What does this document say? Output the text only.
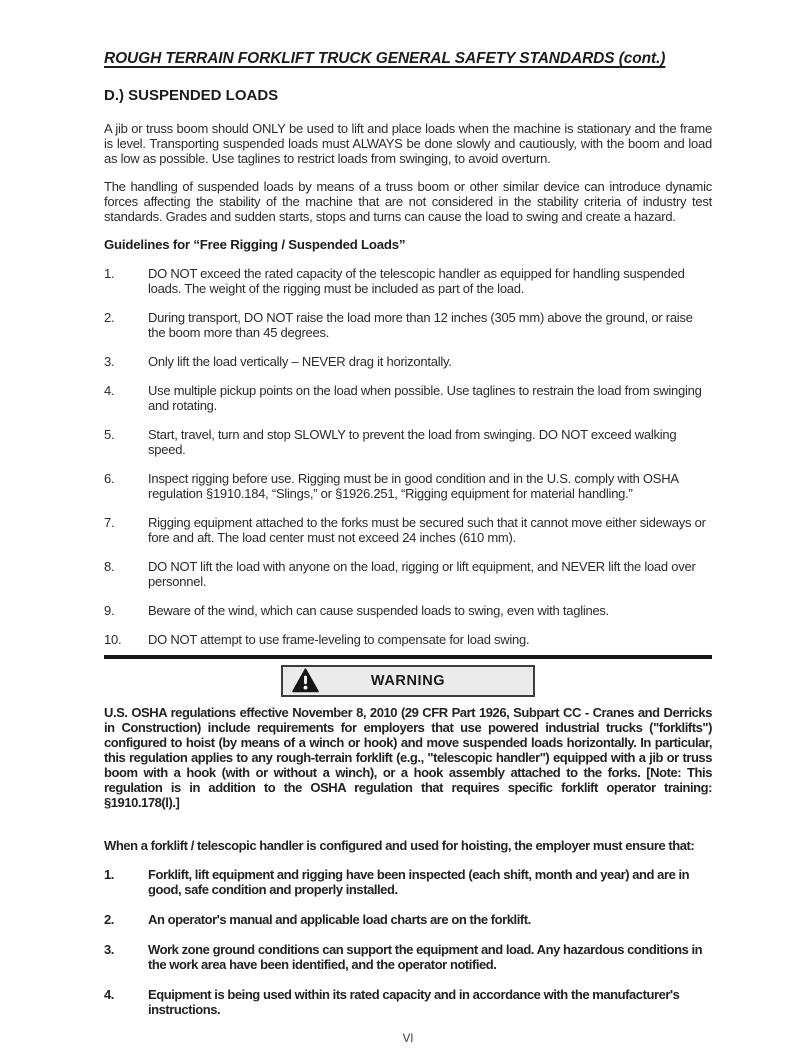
ROUGH TERRAIN FORKLIFT TRUCK GENERAL SAFETY STANDARDS (cont.)
D.) SUSPENDED LOADS

A jib or truss boom should ONLY be used to lift and place loads when the machine is stationary and the frame is level. Transporting suspended loads must ALWAYS be done slowly and cautiously, with the boom and load as low as possible. Use taglines to restrict loads from swinging, to avoid overturn.

The handling of suspended loads by means of a truss boom or other similar device can introduce dynamic forces affecting the stability of the machine that are not considered in the stability criteria of industry test standards. Grades and sudden starts, stops and turns can cause the load to swing and create a hazard.

Guidelines for “Free Rigging / Suspended Loads”
1.	DO NOT exceed the rated capacity of the telescopic handler as equipped for handling suspended loads. The weight of the rigging must be included as part of the load.
2.	During transport, DO NOT raise the load more than 12 inches (305 mm) above the ground, or raise the boom more than 45 degrees.
3.	Only lift the load vertically – NEVER drag it horizontally.
4.	Use multiple pickup points on the load when possible. Use taglines to restrain the load from swinging and rotating.
5.	Start, travel, turn and stop SLOWLY to prevent the load from swinging. DO NOT exceed walking speed.
6.	Inspect rigging before use. Rigging must be in good condition and in the U.S. comply with OSHA regulation §1910.184, “Slings,” or §1926.251, “Rigging equipment for material handling.”
7.	Rigging equipment attached to the forks must be secured such that it cannot move either sideways or fore and aft. The load center must not exceed 24 inches (610 mm).
8.	DO NOT lift the load with anyone on the load, rigging or lift equipment, and NEVER lift the load over personnel.
9.	Beware of the wind, which can cause suspended loads to swing, even with taglines.
10.	DO NOT attempt to use frame-leveling to compensate for load swing.
WARNING

U.S. OSHA regulations effective November 8, 2010 (29 CFR Part 1926, Subpart CC - Cranes and Derricks in Construction) include requirements for employers that use powered industrial trucks ("forklifts") configured to hoist (by means of a winch or hook) and move suspended loads horizontally. In particular, this regulation applies to any rough-terrain forklift (e.g., "telescopic handler") equipped with a jib or truss boom with a hook (with or without a winch), or a hook assembly attached to the forks. [Note: This regulation is in addition to the OSHA regulation that requires specific forklift operator training: §1910.178(l).]

When a forklift / telescopic handler is configured and used for hoisting, the employer must ensure that:

1.	Forklift, lift equipment and rigging have been inspected (each shift, month and year) and are in good, safe condition and properly installed.
2.	An operator's manual and applicable load charts are on the forklift.
3.	Work zone ground conditions can support the equipment and load. Any hazardous conditions in the work area have been identified, and the operator notified.
4.	Equipment is being used within its rated capacity and in accordance with the manufacturer's instructions.
VI
